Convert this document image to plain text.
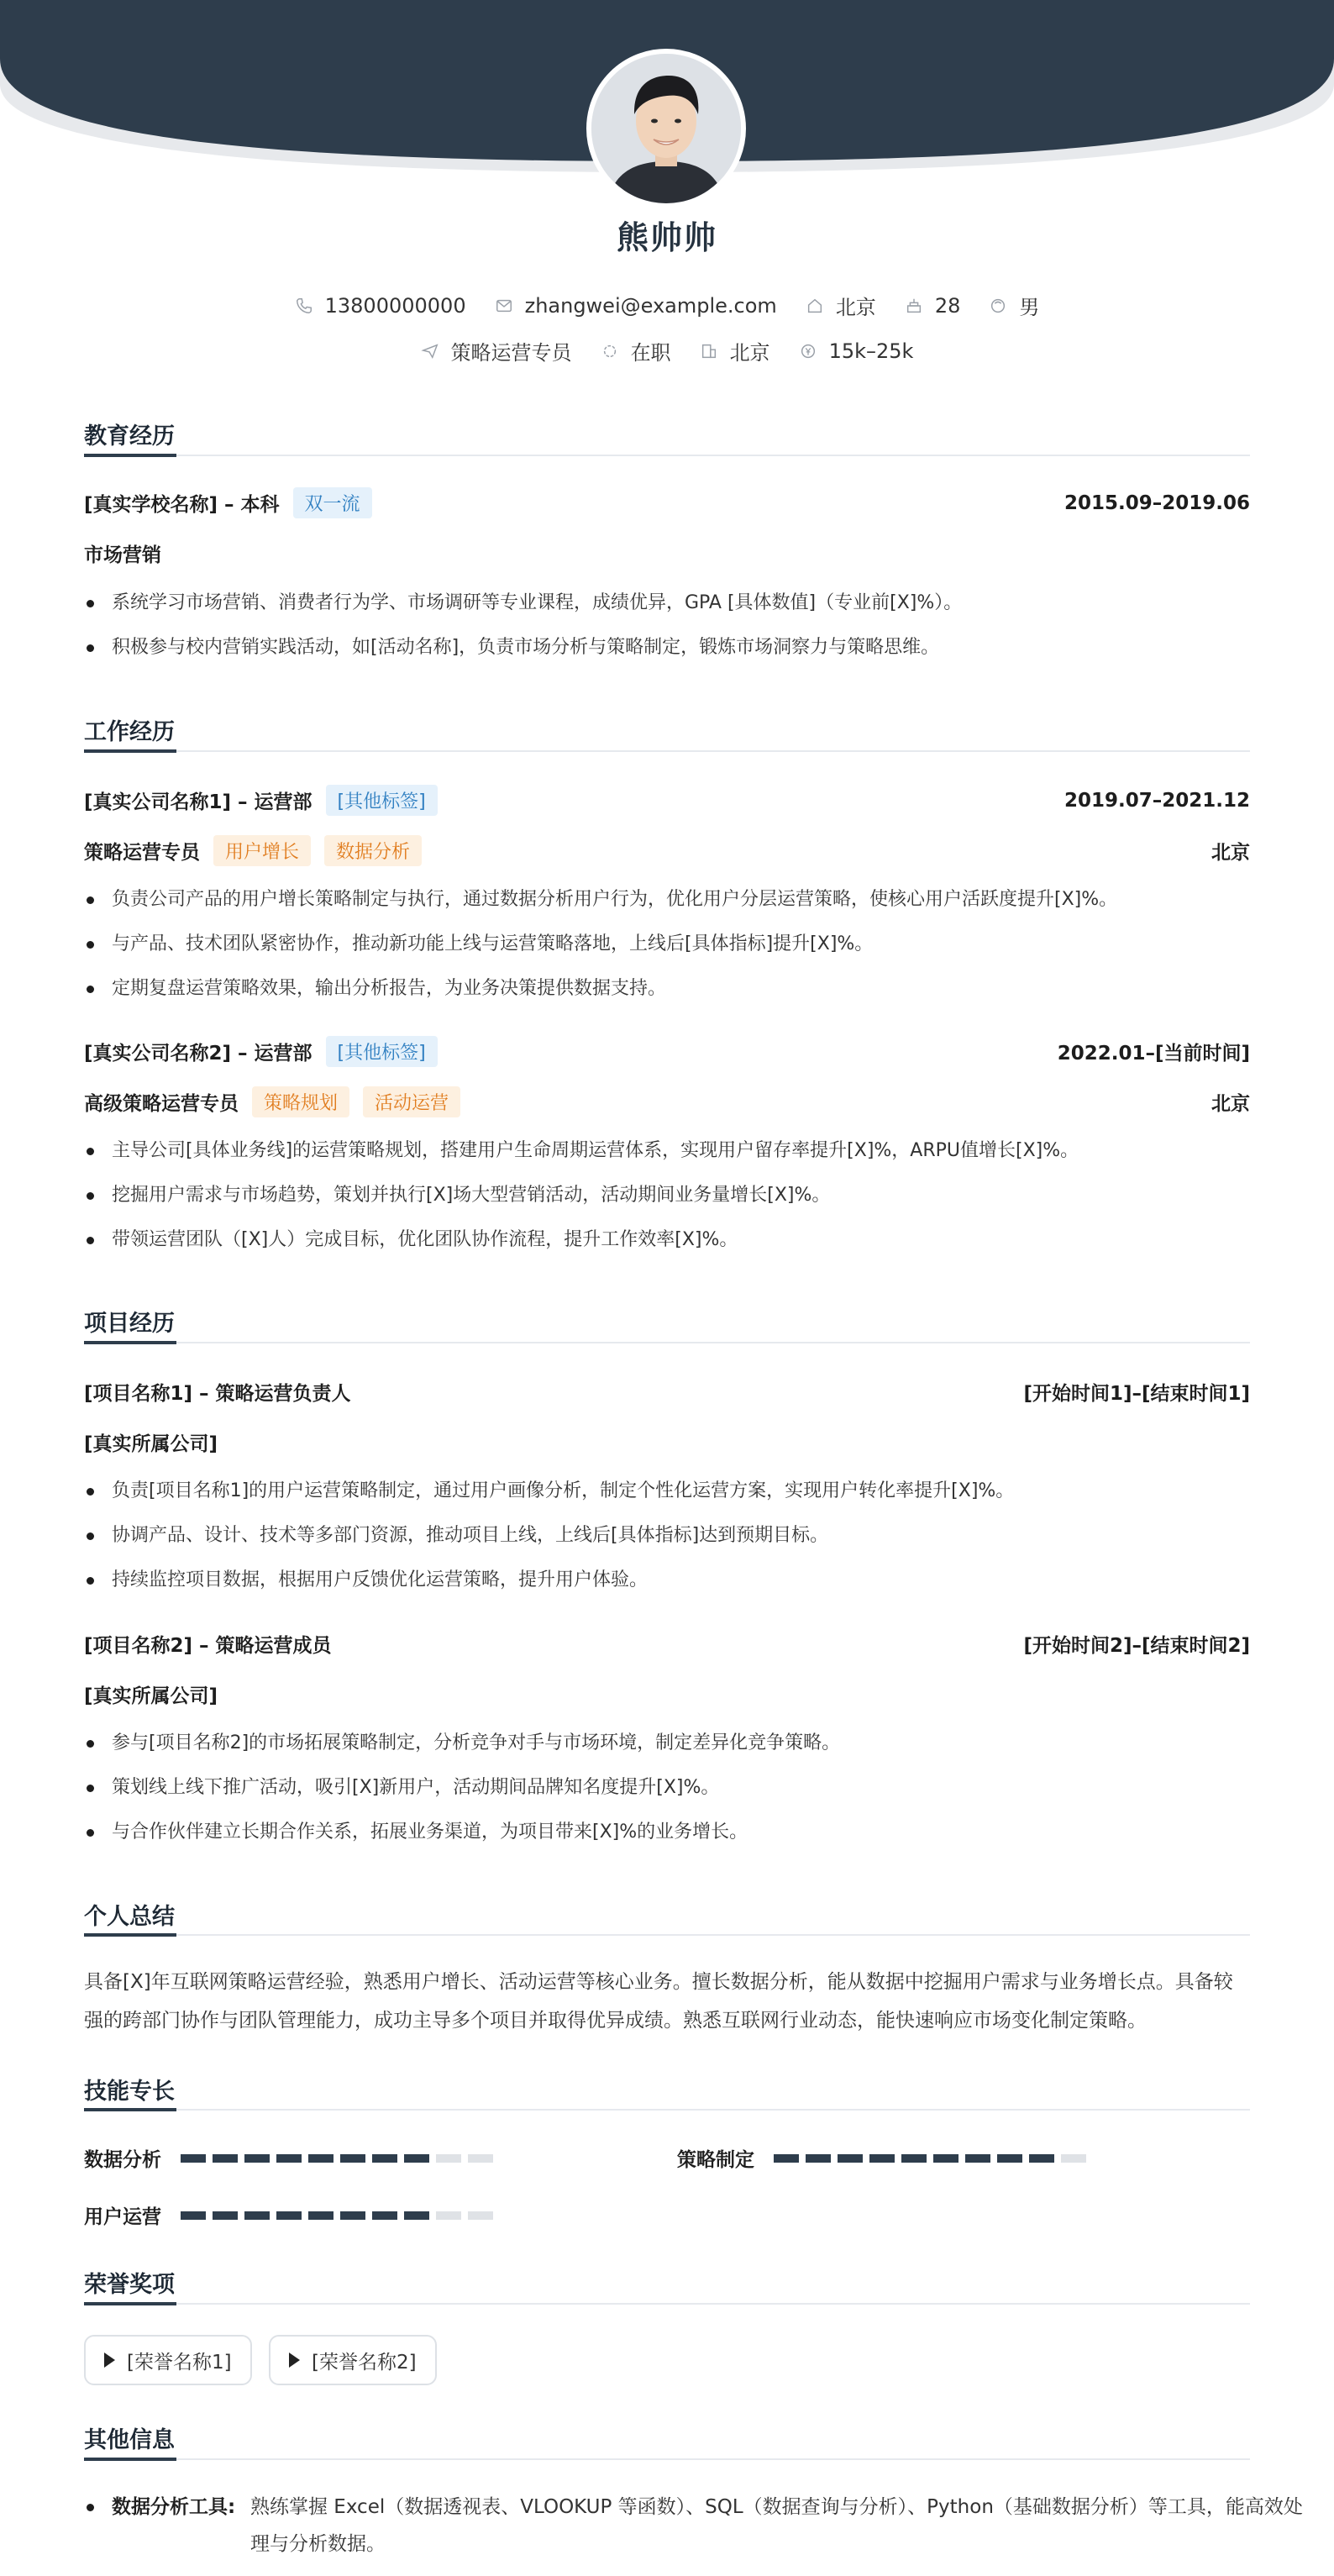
熊帅帅
13800000000	zhangwei@example.com	北京	28	男
策略运营专员	在职	北京	15k–25k
教育经历
[真实学校名称] – 本科	双一流	2015.09–2019.06
市场营销
系统学习市场营销、消费者行为学、市场调研等专业课程，成绩优异，GPA [具体数值]（专业前[X]%）。
积极参与校内营销实践活动，如[活动名称]，负责市场分析与策略制定，锻炼市场洞察力与策略思维。
工作经历
[真实公司名称1] – 运营部	[其他标签]	2019.07–2021.12
策略运营专员	用户增长	数据分析	北京
负责公司产品的用户增长策略制定与执行，通过数据分析用户行为，优化用户分层运营策略，使核心用户活跃度提升[X]%。
与产品、技术团队紧密协作，推动新功能上线与运营策略落地，上线后[具体指标]提升[X]%。
定期复盘运营策略效果，输出分析报告，为业务决策提供数据支持。
[真实公司名称2] – 运营部	[其他标签]	2022.01–[当前时间]
高级策略运营专员	策略规划	活动运营	北京
主导公司[具体业务线]的运营策略规划，搭建用户生命周期运营体系，实现用户留存率提升[X]%，ARPU值增长[X]%。
挖掘用户需求与市场趋势，策划并执行[X]场大型营销活动，活动期间业务量增长[X]%。
带领运营团队（[X]人）完成目标，优化团队协作流程，提升工作效率[X]%。
项目经历
[项目名称1] – 策略运营负责人	[开始时间1]–[结束时间1]
[真实所属公司]
负责[项目名称1]的用户运营策略制定，通过用户画像分析，制定个性化运营方案，实现用户转化率提升[X]%。
协调产品、设计、技术等多部门资源，推动项目上线，上线后[具体指标]达到预期目标。
持续监控项目数据，根据用户反馈优化运营策略，提升用户体验。
[项目名称2] – 策略运营成员	[开始时间2]–[结束时间2]
[真实所属公司]
参与[项目名称2]的市场拓展策略制定，分析竞争对手与市场环境，制定差异化竞争策略。
策划线上线下推广活动，吸引[X]新用户，活动期间品牌知名度提升[X]%。
与合作伙伴建立长期合作关系，拓展业务渠道，为项目带来[X]%的业务增长。
个人总结
具备[X]年互联网策略运营经验，熟悉用户增长、活动运营等核心业务。擅长数据分析，能从数据中挖掘用户需求与业务增长点。具备较强的跨部门协作与团队管理能力，成功主导多个项目并取得优异成绩。熟悉互联网行业动态，能快速响应市场变化制定策略。
技能专长
数据分析	策略制定
用户运营
荣誉奖项
[荣誉名称1]	[荣誉名称2]
其他信息
数据分析工具: 熟练掌握 Excel（数据透视表、VLOOKUP 等函数）、SQL（数据查询与分析）、Python（基础数据分析）等工具，能高效处理与分析数据。
